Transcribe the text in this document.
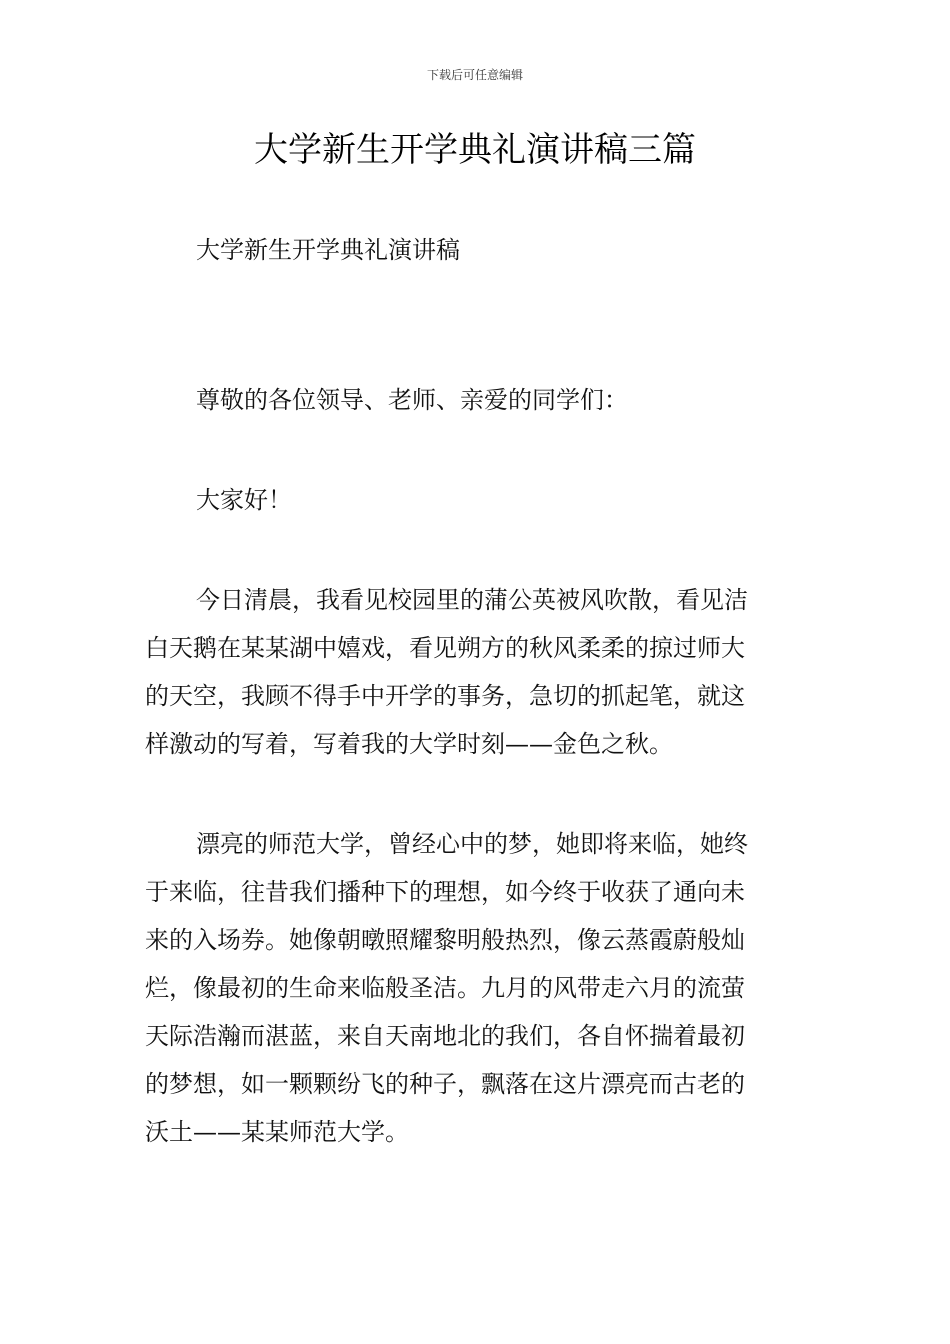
下载后可任意编辑
大学新生开学典礼演讲稿三篇
大学新生开学典礼演讲稿
尊敬的各位领导、老师、亲爱的同学们：
大家好！
今日清晨，我看见校园里的蒲公英被风吹散，看见洁
白天鹅在某某湖中嬉戏，看见朔方的秋风柔柔的掠过师大
的天空，我顾不得手中开学的事务，急切的抓起笔，就这
样激动的写着，写着我的大学时刻——金色之秋。
漂亮的师范大学，曾经心中的梦，她即将来临，她终
于来临，往昔我们播种下的理想，如今终于收获了通向未
来的入场券。她像朝暾照耀黎明般热烈，像云蒸霞蔚般灿
烂，像最初的生命来临般圣洁。九月的风带走六月的流萤
天际浩瀚而湛蓝，来自天南地北的我们，各自怀揣着最初
的梦想，如一颗颗纷飞的种子，飘落在这片漂亮而古老的
沃土——某某师范大学。
